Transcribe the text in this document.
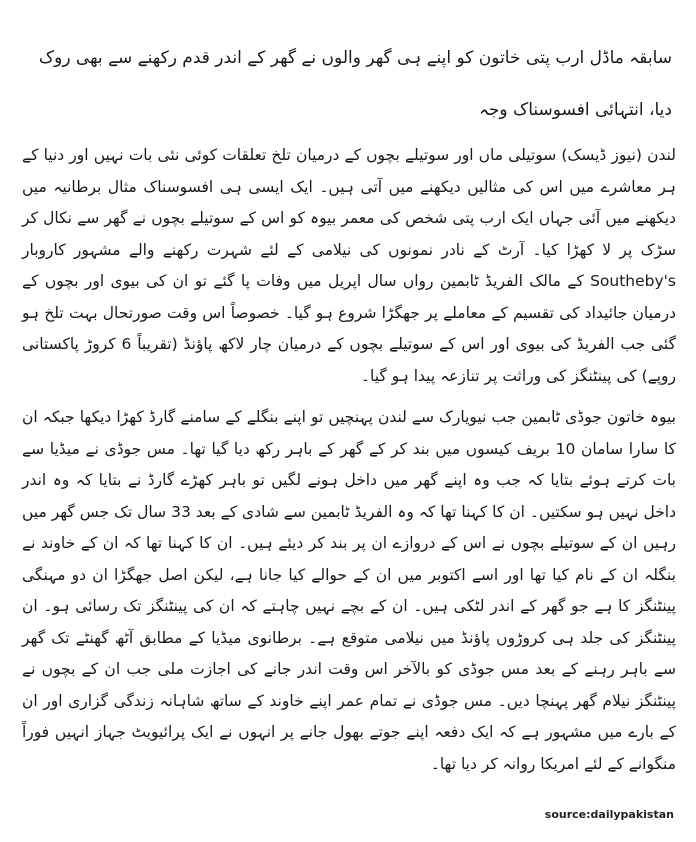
سابقہ ماڈل ارب پتی خاتون کو اپنے ہی گھر والوں نے گھر کے اندر قدم رکھنے سے بھی روک دیا، انتہائی افسوسناک وجہ

لندن (نیوز ڈیسک) سوتیلی ماں اور سوتیلے بچوں کے درمیان تلخ تعلقات کوئی نئی بات نہیں اور دنیا کے ہر معاشرے میں اس کی مثالیں دیکھنے میں آتی ہیں۔ ایک ایسی ہی افسوسناک مثال برطانیہ میں دیکھنے میں آئی جہاں ایک ارب پتی شخص کی معمر بیوہ کو اس کے سوتیلے بچوں نے گھر سے نکال کر سڑک پر لا کھڑا کیا۔ آرٹ کے نادر نمونوں کی نیلامی کے لئے شہرت رکھنے والے مشہور کاروبار Southeby's کے مالک الفریڈ ٹابمین رواں سال اپریل میں وفات پا گئے تو ان کی بیوی اور بچوں کے درمیان جائیداد کی تقسیم کے معاملے پر جھگڑا شروع ہو گیا۔ خصوصاً اس وقت صورتحال بہت تلخ ہو گئی جب الفریڈ کی بیوی اور اس کے سوتیلے بچوں کے درمیان چار لاکھ پاﺅنڈ (تقریباً 6 کروڑ پاکستانی روپے) کی پینٹنگز کی وراثت پر تنازعہ پیدا ہو گیا۔

بیوہ خاتون جوڈی ٹابمین جب نیویارک سے لندن پہنچیں تو اپنے بنگلے کے سامنے گارڈ کھڑا دیکھا جبکہ ان کا سارا سامان 10 بریف کیسوں میں بند کر کے گھر کے باہر رکھ دیا گیا تھا۔ مس جوڈی نے میڈیا سے بات کرتے ہوئے بتایا کہ جب وہ اپنے گھر میں داخل ہونے لگیں تو باہر کھڑے گارڈ نے بتایا کہ وہ اندر داخل نہیں ہو سکتیں۔ ان کا کہنا تھا کہ وہ الفریڈ ٹابمین سے شادی کے بعد 33 سال تک جس گھر میں رہیں ان کے سوتیلے بچوں نے اس کے دروازے ان پر بند کر دیئے ہیں۔ ان کا کہنا تھا کہ ان کے خاوند نے بنگلہ ان کے نام کیا تھا اور اسے اکتوبر میں ان کے حوالے کیا جانا ہے، لیکن اصل جھگڑا ان دو مہنگی پینٹنگز کا ہے جو گھر کے اندر لٹکی ہیں۔ ان کے بچے نہیں چاہتے کہ ان کی پینٹنگز تک رسائی ہو۔ ان پینٹنگز کی جلد ہی کروڑوں پاﺅنڈ میں نیلامی متوقع ہے۔ برطانوی میڈیا کے مطابق آٹھ گھنٹے تک گھر سے باہر رہنے کے بعد مس جوڈی کو بالآخر اس وقت اندر جانے کی اجازت ملی جب ان کے بچوں نے پینٹنگز نیلام گھر پہنچا دیں۔ مس جوڈی نے تمام عمر اپنے خاوند کے ساتھ شاہانہ زندگی گزاری اور ان کے بارے میں مشہور ہے کہ ایک دفعہ اپنے جوتے بھول جانے پر انہوں نے ایک پرائیویٹ جہاز انہیں فوراً منگوانے کے لئے امریکا روانہ کر دیا تھا۔

source:dailypakistan
